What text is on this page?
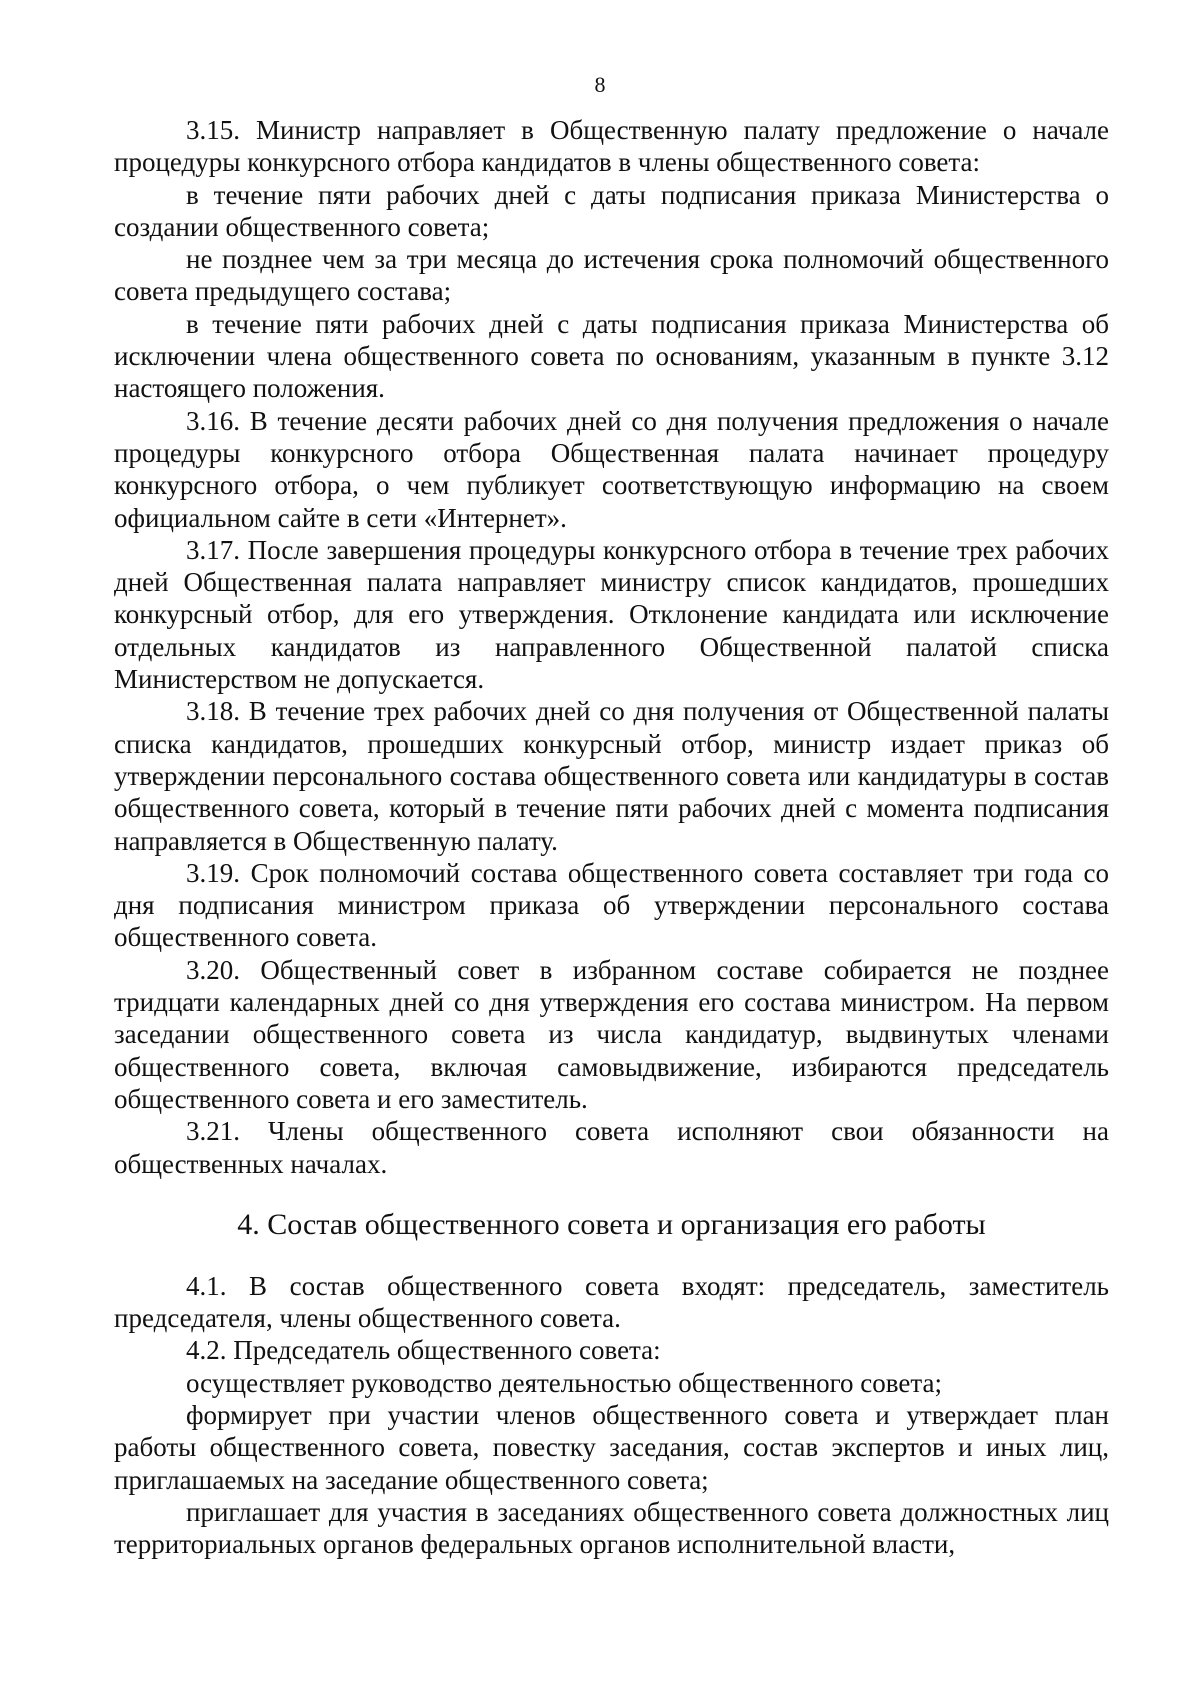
8

3.15. Министр направляет в Общественную палату предложение о начале процедуры конкурсного отбора кандидатов в члены общественного совета:

в течение пяти рабочих дней с даты подписания приказа Министерства о создании общественного совета;

не позднее чем за три месяца до истечения срока полномочий общественного совета предыдущего состава;

в течение пяти рабочих дней с даты подписания приказа Министерства об исключении члена общественного совета по основаниям, указанным в пункте 3.12 настоящего положения.

3.16. В течение десяти рабочих дней со дня получения предложения о начале процедуры конкурсного отбора Общественная палата начинает процедуру конкурсного отбора, о чем публикует соответствующую информацию на своем официальном сайте в сети «Интернет».

3.17. После завершения процедуры конкурсного отбора в течение трех рабочих дней Общественная палата направляет министру список кандидатов, прошедших конкурсный отбор, для его утверждения. Отклонение кандидата или исключение отдельных кандидатов из направленного Общественной палатой списка Министерством не допускается.

3.18. В течение трех рабочих дней со дня получения от Общественной палаты списка кандидатов, прошедших конкурсный отбор, министр издает приказ об утверждении персонального состава общественного совета или кандидатуры в состав общественного совета, который в течение пяти рабочих дней с момента подписания направляется в Общественную палату.

3.19. Срок полномочий состава общественного совета составляет три года со дня подписания министром приказа об утверждении персонального состава общественного совета.

3.20. Общественный совет в избранном составе собирается не позднее тридцати календарных дней со дня утверждения его состава министром. На первом заседании общественного совета из числа кандидатур, выдвинутых членами общественного совета, включая самовыдвижение, избираются председатель общественного совета и его заместитель.

3.21. Члены общественного совета исполняют свои обязанности на общественных началах.

4. Состав общественного совета и организация его работы

4.1. В состав общественного совета входят: председатель, заместитель председателя, члены общественного совета.

4.2. Председатель общественного совета:

осуществляет руководство деятельностью общественного совета;

формирует при участии членов общественного совета и утверждает план работы общественного совета, повестку заседания, состав экспертов и иных лиц, приглашаемых на заседание общественного совета;

приглашает для участия в заседаниях общественного совета должностных лиц территориальных органов федеральных органов исполнительной власти,
